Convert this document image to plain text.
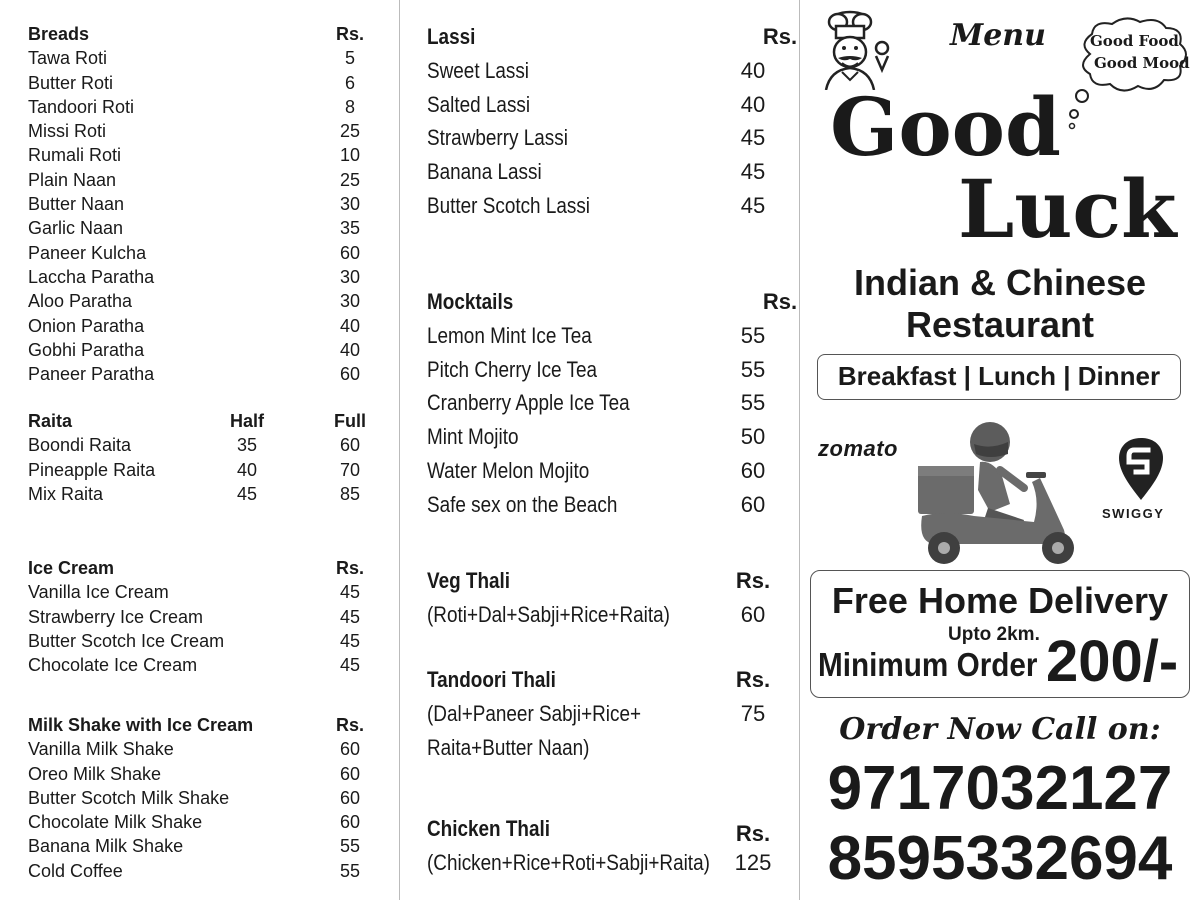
Breads	Rs.
Tawa Roti	5
Butter Roti	6
Tandoori Roti	8
Missi Roti	25
Rumali Roti	10
Plain Naan	25
Butter Naan	30
Garlic Naan	35
Paneer Kulcha	60
Laccha Paratha	30
Aloo Paratha	30
Onion Paratha	40
Gobhi Paratha	40
Paneer Paratha	60
Raita	Half	Full
Boondi Raita	35	60
Pineapple Raita	40	70
Mix Raita	45	85
Ice Cream	Rs.
Vanilla Ice Cream	45
Strawberry Ice Cream	45
Butter Scotch Ice Cream	45
Chocolate Ice Cream	45
Milk Shake with Ice Cream	Rs.
Vanilla Milk Shake	60
Oreo Milk Shake	60
Butter Scotch Milk Shake	60
Chocolate Milk Shake	60
Banana Milk Shake	55
Cold Coffee	55
Lassi	Rs.
Sweet Lassi	40
Salted Lassi	40
Strawberry Lassi	45
Banana Lassi	45
Butter Scotch Lassi	45
Mocktails	Rs.
Lemon Mint Ice Tea	55
Pitch Cherry Ice Tea	55
Cranberry Apple Ice Tea	55
Mint Mojito	50
Water Melon Mojito	60
Safe sex on the Beach	60
Veg Thali	Rs.
(Roti+Dal+Sabji+Rice+Raita)	60
Tandoori Thali	Rs.
(Dal+Paneer Sabji+Rice+	75
Raita+Butter Naan)
Chicken Thali	Rs.
(Chicken+Rice+Roti+Sabji+Raita)	125
Menu	Good Food
Good Mood
Good
Luck
Indian & Chinese
Restaurant
Breakfast | Lunch | Dinner
zomato
SWIGGY
Free Home Delivery
Upto 2km.
Minimum Order 200/-
Order Now Call on:
9717032127
8595332694
